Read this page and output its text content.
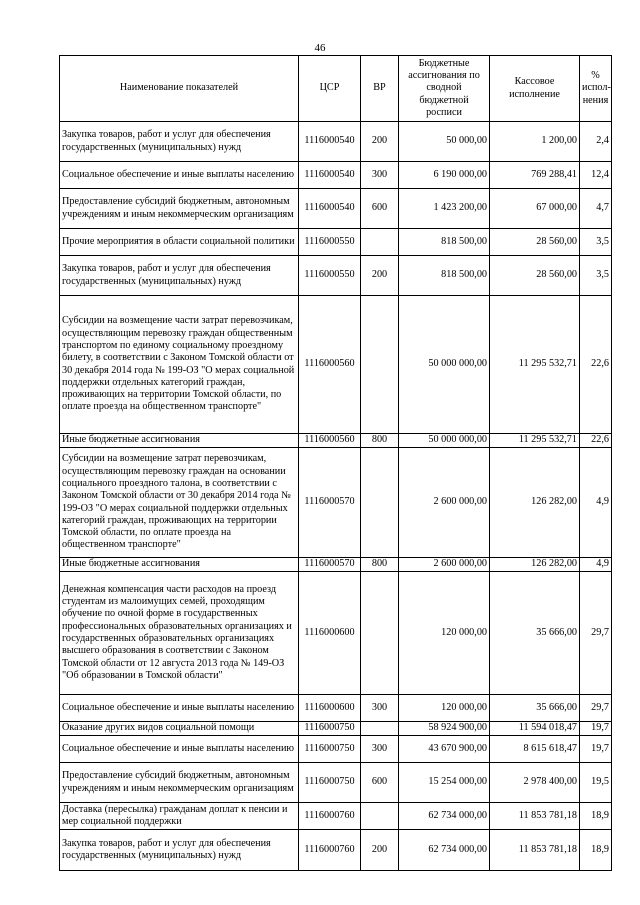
46
Наименование показателей	ЦСР	ВР	Бюджетные ассигнования по сводной бюджетной росписи	Кассовое исполнение	% испол-нения
Закупка товаров, работ и услуг для обеспечения государственных (муниципальных) нужд	1116000540	200	50 000,00	1 200,00	2,4
Социальное обеспечение и иные выплаты населению	1116000540	300	6 190 000,00	769 288,41	12,4
Предоставление субсидий бюджетным, автономным учреждениям и иным некоммерческим организациям	1116000540	600	1 423 200,00	67 000,00	4,7
Прочие мероприятия в области социальной политики	1116000550		818 500,00	28 560,00	3,5
Закупка товаров, работ и услуг для обеспечения государственных (муниципальных) нужд	1116000550	200	818 500,00	28 560,00	3,5
Субсидии на возмещение части затрат перевозчикам, осуществляющим перевозку граждан общественным транспортом по единому социальному проездному билету, в соответствии с Законом Томской области от 30 декабря 2014 года № 199-ОЗ "О мерах социальной поддержки отдельных категорий граждан, проживающих на территории Томской области, по оплате проезда на общественном транспорте"	1116000560		50 000 000,00	11 295 532,71	22,6
Иные бюджетные ассигнования	1116000560	800	50 000 000,00	11 295 532,71	22,6
Субсидии на возмещение затрат перевозчикам, осуществляющим перевозку граждан на основании социального проездного талона, в соответствии с Законом Томской области от 30 декабря 2014 года № 199-ОЗ "О мерах социальной поддержки отдельных категорий граждан, проживающих на территории Томской области, по оплате проезда на общественном транспорте"	1116000570		2 600 000,00	126 282,00	4,9
Иные бюджетные ассигнования	1116000570	800	2 600 000,00	126 282,00	4,9
Денежная компенсация части расходов на проезд студентам из малоимущих семей, проходящим обучение по очной форме в государственных профессиональных образовательных организациях и государственных образовательных организациях высшего образования в соответствии с Законом Томской области от 12 августа 2013 года № 149-ОЗ "Об образовании в Томской области"	1116000600		120 000,00	35 666,00	29,7
Социальное обеспечение и иные выплаты населению	1116000600	300	120 000,00	35 666,00	29,7
Оказание других видов социальной помощи	1116000750		58 924 900,00	11 594 018,47	19,7
Социальное обеспечение и иные выплаты населению	1116000750	300	43 670 900,00	8 615 618,47	19,7
Предоставление субсидий бюджетным, автономным учреждениям и иным некоммерческим организациям	1116000750	600	15 254 000,00	2 978 400,00	19,5
Доставка (пересылка) гражданам доплат к пенсии и мер социальной поддержки	1116000760		62 734 000,00	11 853 781,18	18,9
Закупка товаров, работ и услуг для обеспечения государственных (муниципальных) нужд	1116000760	200	62 734 000,00	11 853 781,18	18,9
